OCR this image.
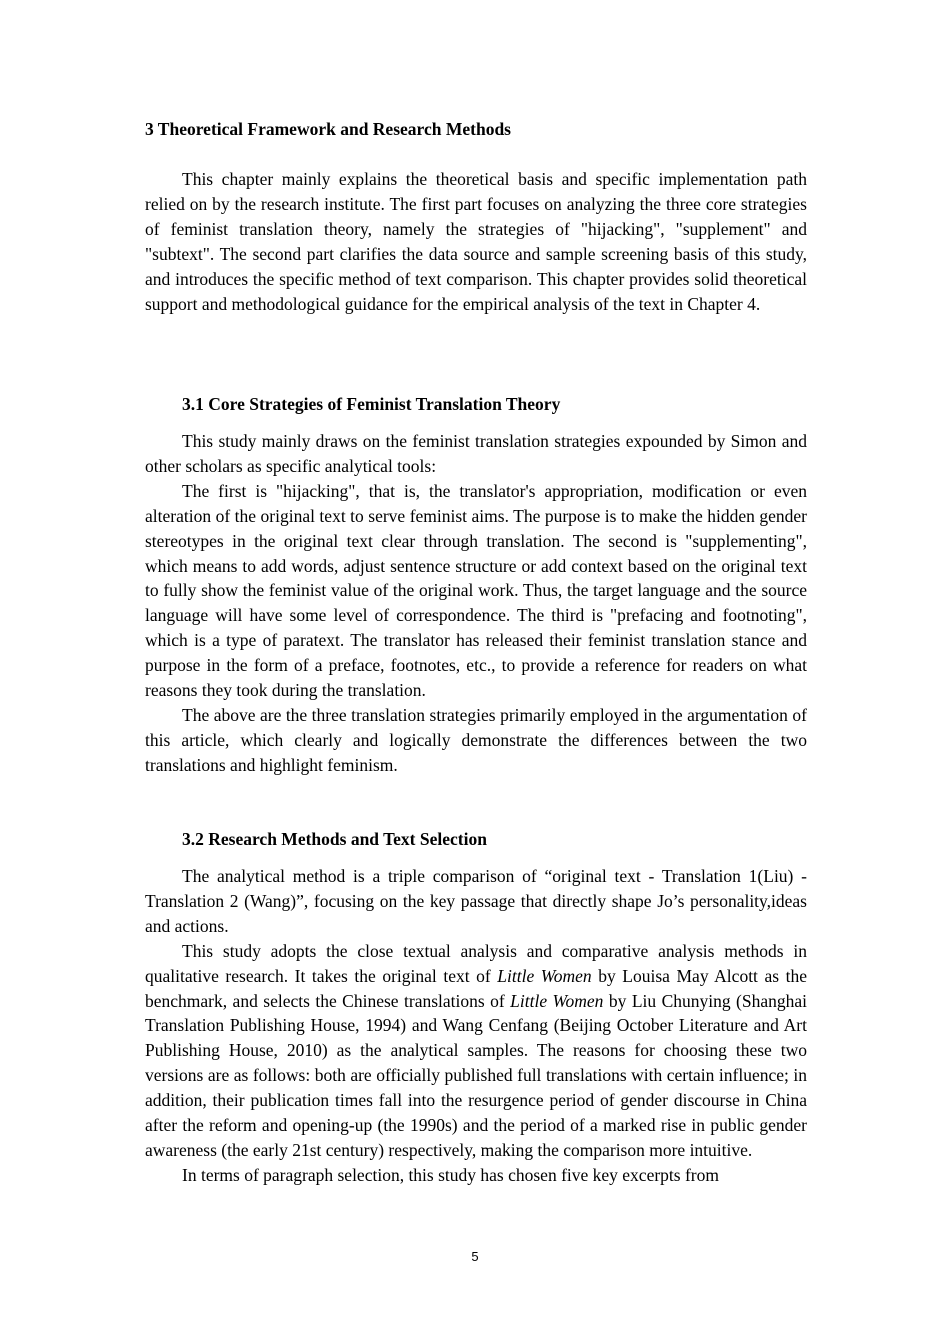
3 Theoretical Framework and Research Methods

This chapter mainly explains the theoretical basis and specific implementation path relied on by the research institute. The first part focuses on analyzing the three core strategies of feminist translation theory, namely the strategies of "hijacking", "supplement" and "subtext". The second part clarifies the data source and sample screening basis of this study, and introduces the specific method of text comparison. This chapter provides solid theoretical support and methodological guidance for the empirical analysis of the text in Chapter 4.

3.1 Core Strategies of Feminist Translation Theory

This study mainly draws on the feminist translation strategies expounded by Simon and other scholars as specific analytical tools:

The first is "hijacking", that is, the translator's appropriation, modification or even alteration of the original text to serve feminist aims. The purpose is to make the hidden gender stereotypes in the original text clear through translation. The second is "supplementing", which means to add words, adjust sentence structure or add context based on the original text to fully show the feminist value of the original work. Thus, the target language and the source language will have some level of correspondence. The third is "prefacing and footnoting", which is a type of paratext. The translator has released their feminist translation stance and purpose in the form of a preface, footnotes, etc., to provide a reference for readers on what reasons they took during the translation.

The above are the three translation strategies primarily employed in the argumentation of this article, which clearly and logically demonstrate the differences between the two translations and highlight feminism.

3.2 Research Methods and Text Selection

The analytical method is a triple comparison of “original text - Translation 1(Liu) - Translation 2 (Wang)”, focusing on the key passage that directly shape Jo’s personality,ideas and actions.

This study adopts the close textual analysis and comparative analysis methods in qualitative research. It takes the original text of Little Women by Louisa May Alcott as the benchmark, and selects the Chinese translations of Little Women by Liu Chunying (Shanghai Translation Publishing House, 1994) and Wang Cenfang (Beijing October Literature and Art Publishing House, 2010) as the analytical samples. The reasons for choosing these two versions are as follows: both are officially published full translations with certain influence; in addition, their publication times fall into the resurgence period of gender discourse in China after the reform and opening-up (the 1990s) and the period of a marked rise in public gender awareness (the early 21st century) respectively, making the comparison more intuitive.

In terms of paragraph selection, this study has chosen five key excerpts from

5
